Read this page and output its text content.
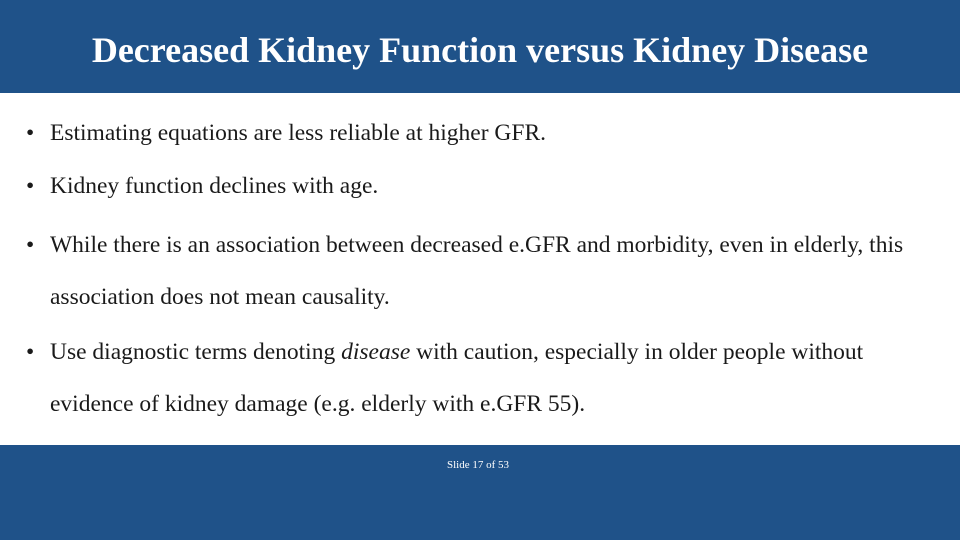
Decreased Kidney Function versus Kidney Disease
• Estimating equations are less reliable at higher GFR.
• Kidney function declines with age.
• While there is an association between decreased e.GFR and morbidity, even in elderly, this association does not mean causality.
• Use diagnostic terms denoting disease with caution, especially in older people without evidence of kidney damage (e.g. elderly with e.GFR 55).
Slide 17 of 53
